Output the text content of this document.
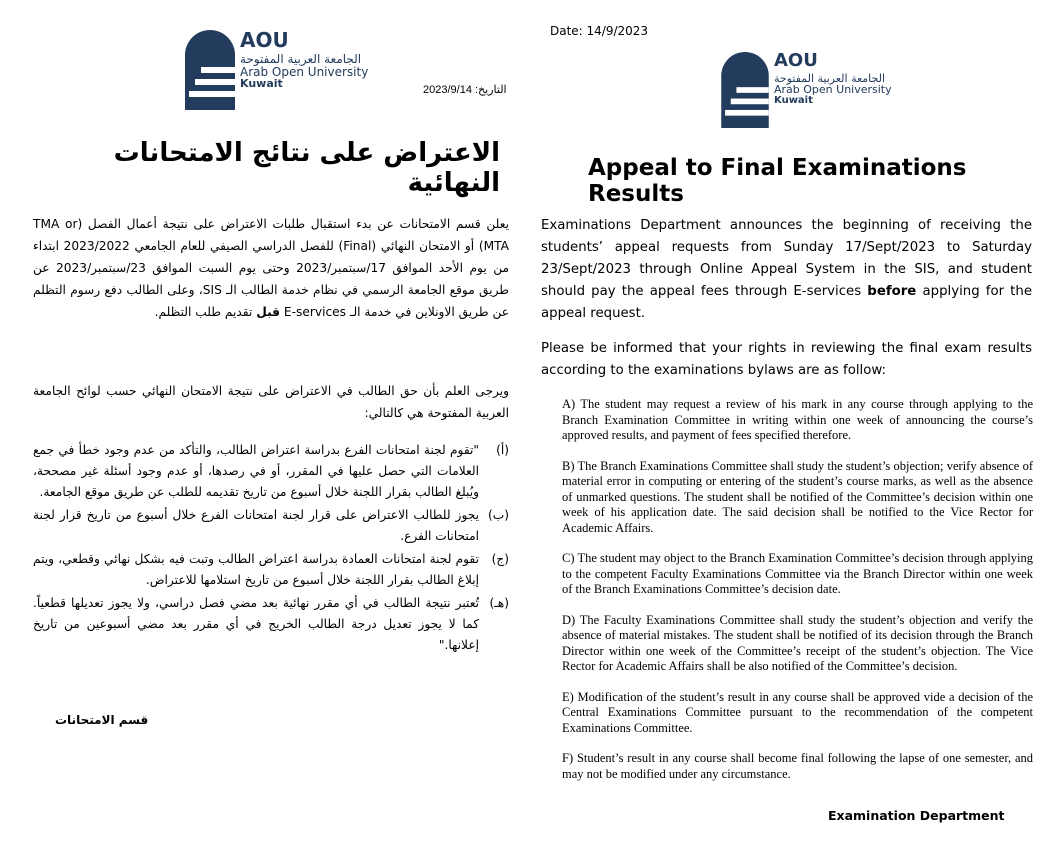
AOU
الجامعة العربية المفتوحة
Arab Open University
Kuwait
AOU
الجامعة العربية المفتوحة
Arab Open University
Kuwait
التاريخ: 2023/9/14
Date: 14/9/2023
الاعتراض على نتائج الامتحانات النهائية	Appeal to Final Examinations Results
يعلن قسم الامتحانات عن بدء استقبال طلبات الاعتراض على نتيجة أعمال الفصل (TMA or MTA) أو الامتحان النهائي (Final) للفصل الدراسي الصيفي للعام الجامعي 2023/2022 ابتداء من يوم الأحد الموافق 17/سبتمبر/2023 وحتى يوم السبت الموافق 23/سبتمبر/2023 عن طريق موقع الجامعة الرسمي في نظام خدمة الطالب الـ SIS، وعلى الطالب دفع رسوم التظلم عن طريق الاونلاين في خدمة الـ E-services قبل تقديم طلب التظلم.
ويرجى العلم بأن حق الطالب في الاعتراض على نتيجة الامتحان النهائي حسب لوائح الجامعة العربية المفتوحة هي كالتالي:
(أ)
"تقوم لجنة امتحانات الفرع بدراسة اعتراض الطالب، والتأكد من عدم وجود خطأ في جمع العلامات التي حصل عليها في المقرر، أو في رصدها، أو عدم وجود أسئلة غير مصححة، ويُبلغ الطالب بقرار اللجنة خلال أسبوع من تاريخ تقديمه للطلب عن طريق موقع الجامعة.
(ب)
يجوز للطالب الاعتراض على قرار لجنة امتحانات الفرع خلال أسبوع من تاريخ قرار لجنة امتحانات الفرع.
(ج)
تقوم لجنة امتحانات العمادة بدراسة اعتراض الطالب وتبت فيه بشكل نهائي وقطعي، ويتم إبلاغ الطالب بقرار اللجنة خلال أسبوع من تاريخ استلامها للاعتراض.
(هـ)
تُعتبر نتيجة الطالب في أي مقرر نهائية بعد مضي فصل دراسي، ولا يجوز تعديلها قطعياً. كما لا يجوز تعديل درجة الطالب الخريج في أي مقرر بعد مضي أسبوعين من تاريخ إعلانها."
قسم الامتحانات
Examinations Department announces the beginning of receiving the students’ appeal requests from Sunday 17/Sept/2023 to Saturday 23/Sept/2023 through Online Appeal System in the SIS, and student should pay the appeal fees through E-services before applying for the appeal request.
Please be informed that your rights in reviewing the final exam results according to the examinations bylaws are as follow:

A) The student may request a review of his mark in any course through applying to the Branch Examination Committee in writing within one week of announcing the course’s approved results, and payment of fees specified therefore.

B) The Branch Examinations Committee shall study the student’s objection; verify absence of material error in computing or entering of the student’s course marks, as well as the absence of unmarked questions. The student shall be notified of the Committee’s decision within one week of his application date. The said decision shall be notified to the Vice Rector for Academic Affairs.

C) The student may object to the Branch Examination Committee’s decision through applying to the competent Faculty Examinations Committee via the Branch Director within one week of the Branch Examinations Committee’s decision date.

D) The Faculty Examinations Committee shall study the student’s objection and verify the absence of material mistakes. The student shall be notified of its decision through the Branch Director within one week of the Committee’s receipt of the student’s objection. The Vice Rector for Academic Affairs shall be also notified of the Committee’s decision.

E) Modification of the student’s result in any course shall be approved vide a decision of the Central Examinations Committee pursuant to the recommendation of the competent Examinations Committee.

F) Student’s result in any course shall become final following the lapse of one semester, and may not be modified under any circumstance.

Examination Department
